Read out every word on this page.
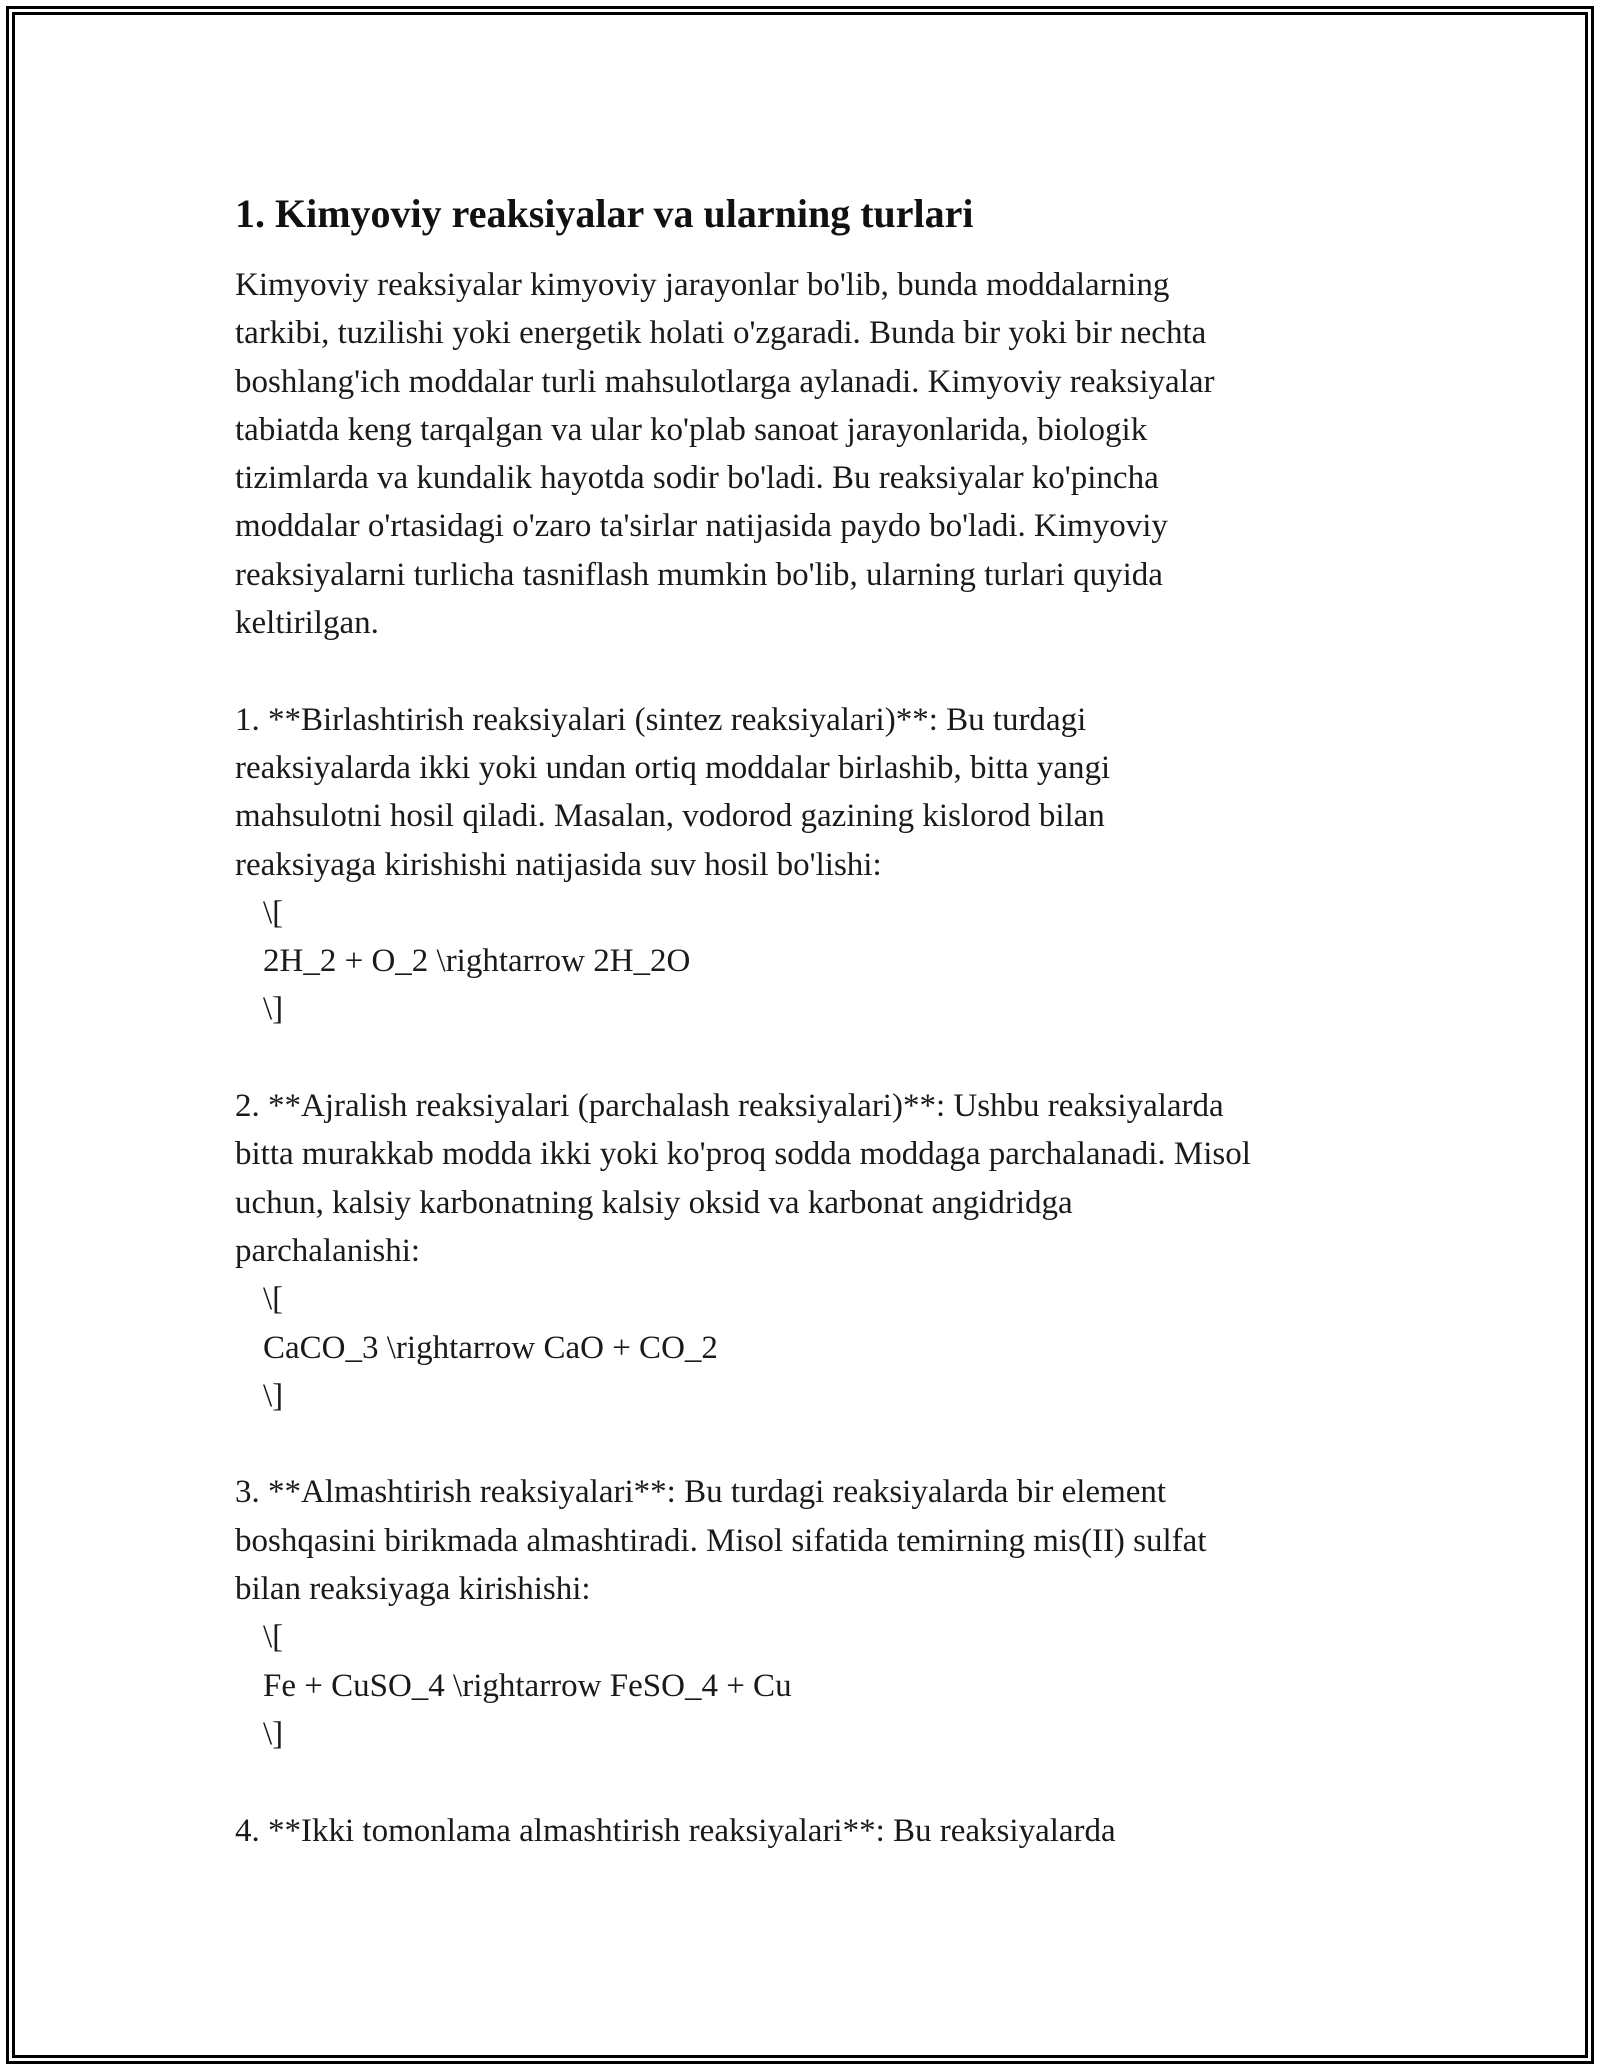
1. Kimyoviy reaksiyalar va ularning turlari

Kimyoviy reaksiyalar kimyoviy jarayonlar bo'lib, bunda moddalarning
tarkibi, tuzilishi yoki energetik holati o'zgaradi. Bunda bir yoki bir nechta
boshlang'ich moddalar turli mahsulotlarga aylanadi. Kimyoviy reaksiyalar
tabiatda keng tarqalgan va ular ko'plab sanoat jarayonlarida, biologik
tizimlarda va kundalik hayotda sodir bo'ladi. Bu reaksiyalar ko'pincha
moddalar o'rtasidagi o'zaro ta'sirlar natijasida paydo bo'ladi. Kimyoviy
reaksiyalarni turlicha tasniflash mumkin bo'lib, ularning turlari quyida
keltirilgan.

1. **Birlashtirish reaksiyalari (sintez reaksiyalari)**: Bu turdagi
reaksiyalarda ikki yoki undan ortiq moddalar birlashib, bitta yangi
mahsulotni hosil qiladi. Masalan, vodorod gazining kislorod bilan
reaksiyaga kirishishi natijasida suv hosil bo'lishi:

\[
2H_2 + O_2 \rightarrow 2H_2O
\]

2. **Ajralish reaksiyalari (parchalash reaksiyalari)**: Ushbu reaksiyalarda
bitta murakkab modda ikki yoki ko'proq sodda moddaga parchalanadi. Misol
uchun, kalsiy karbonatning kalsiy oksid va karbonat angidridga
parchalanishi:

\[
CaCO_3 \rightarrow CaO + CO_2
\]

3. **Almashtirish reaksiyalari**: Bu turdagi reaksiyalarda bir element
boshqasini birikmada almashtiradi. Misol sifatida temirning mis(II) sulfat
bilan reaksiyaga kirishishi:

\[
Fe + CuSO_4 \rightarrow FeSO_4 + Cu
\]

4. **Ikki tomonlama almashtirish reaksiyalari**: Bu reaksiyalarda
